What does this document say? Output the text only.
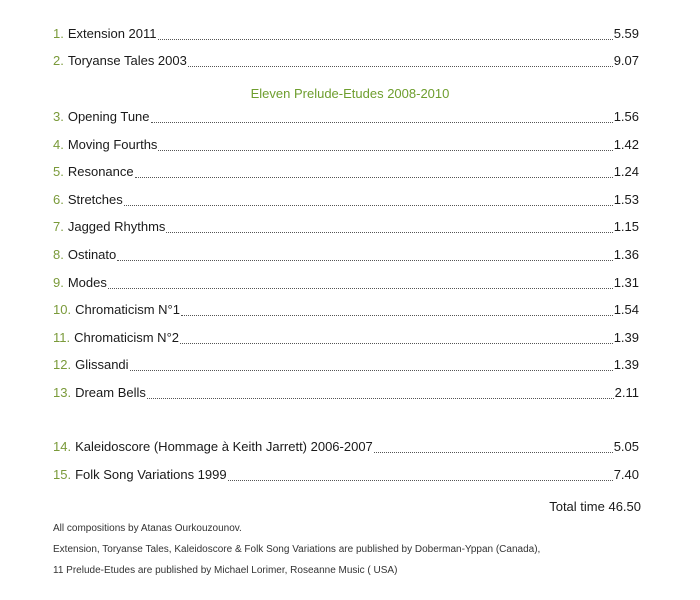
1. Extension 2011	5.59
2. Toryanse Tales 2003	9.07
Eleven Prelude-Etudes 2008-2010
3. Opening Tune	1.56
4. Moving Fourths	1.42
5. Resonance	1.24
6. Stretches	1.53
7. Jagged Rhythms	1.15
8. Ostinato	1.36
9. Modes	1.31
10. Chromaticism N°1	1.54
11. Chromaticism N°2	1.39
12. Glissandi	1.39
13. Dream Bells	2.11
14. Kaleidoscore (Hommage à Keith Jarrett) 2006-2007	5.05
15. Folk Song Variations 1999	7.40
Total time 46.50
All compositions by Atanas Ourkouzounov.
Extension, Toryanse Tales, Kaleidoscore & Folk Song Variations are published by Doberman-Yppan (Canada),
11 Prelude-Etudes are published by Michael Lorimer, Roseanne Music ( USA)
